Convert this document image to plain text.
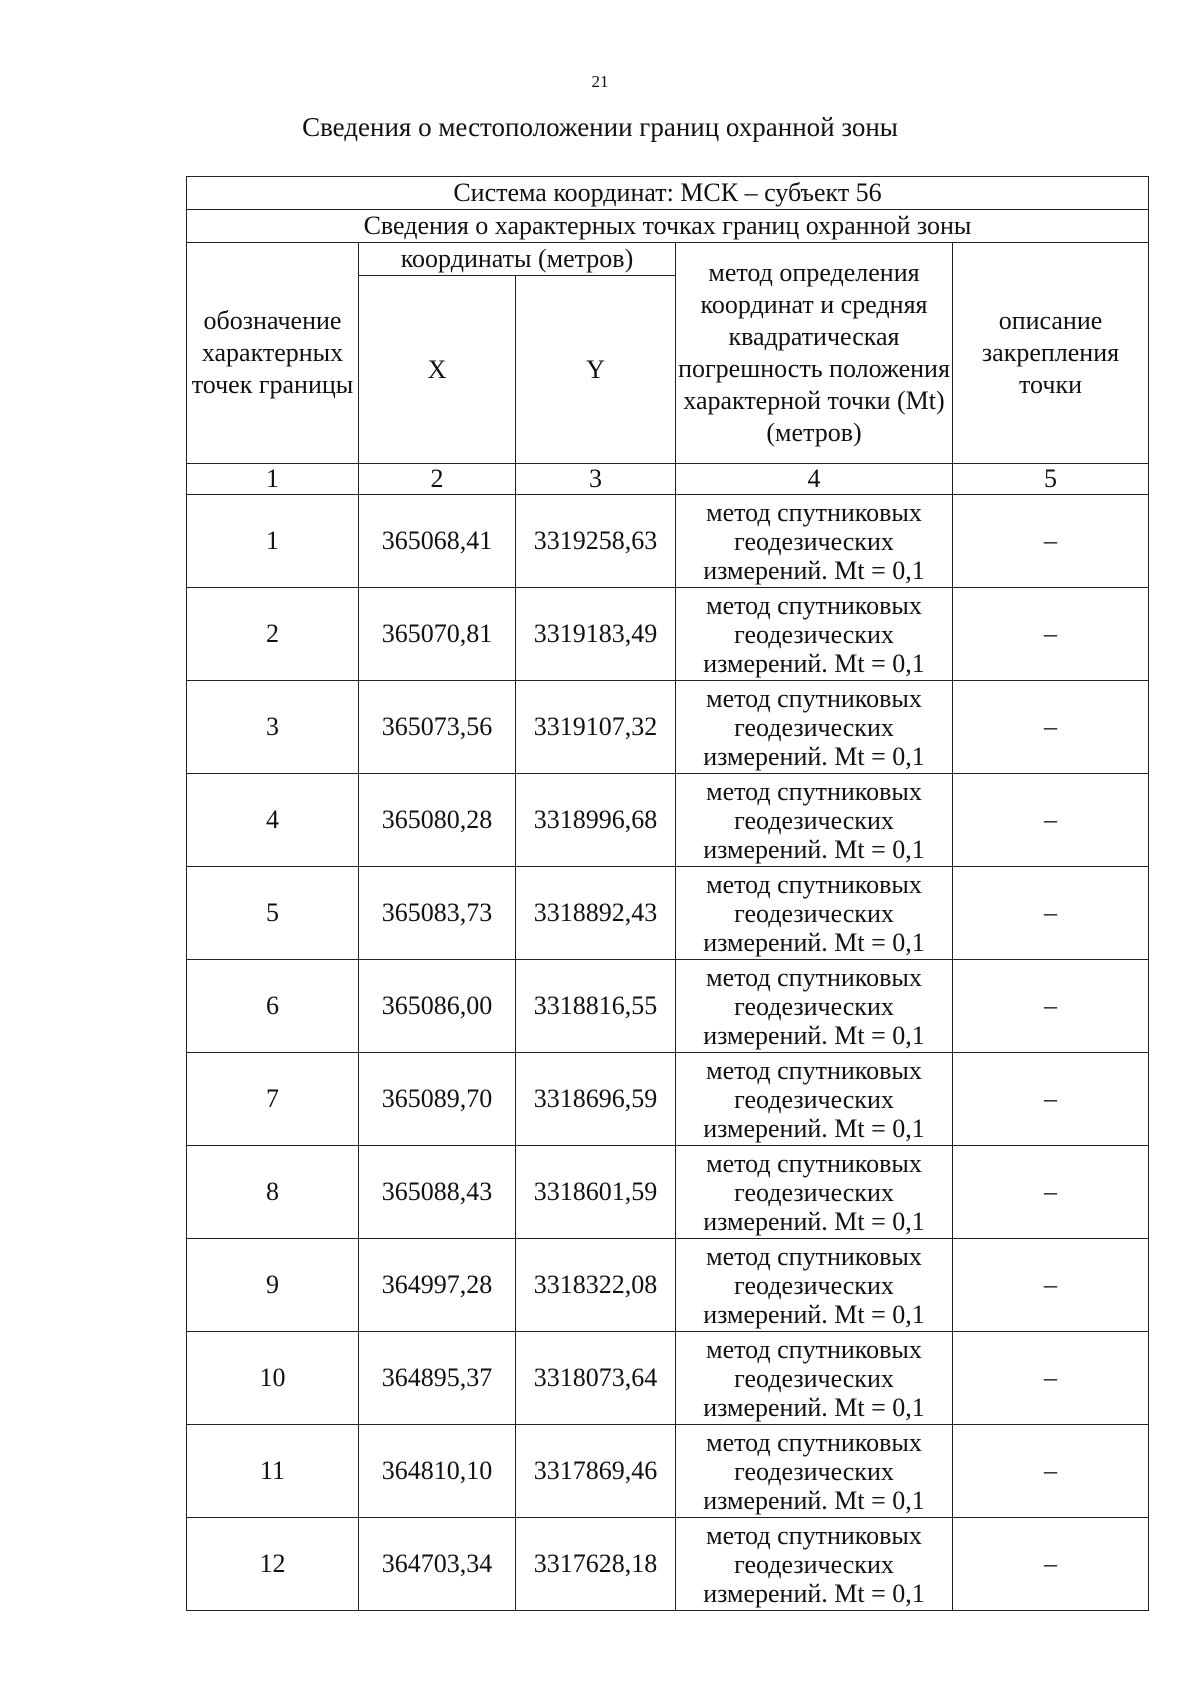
21
Сведения о местоположении границ охранной зоны
Система координат: МСК – субъект 56				
Сведения о характерных точках границ охранной зоны				
обозначение характерных точек границы	координаты (метров)		метод определения координат и средняя квадратическая погрешность положения характерной точки (Mt) (метров)	описание закрепления точки
	X	Y		
1	2	3	4	5
1	365068,41	3319258,63	метод спутниковых геодезических измерений. Mt = 0,1	–
2	365070,81	3319183,49	метод спутниковых геодезических измерений. Mt = 0,1	–
3	365073,56	3319107,32	метод спутниковых геодезических измерений. Mt = 0,1	–
4	365080,28	3318996,68	метод спутниковых геодезических измерений. Mt = 0,1	–
5	365083,73	3318892,43	метод спутниковых геодезических измерений. Mt = 0,1	–
6	365086,00	3318816,55	метод спутниковых геодезических измерений. Mt = 0,1	–
7	365089,70	3318696,59	метод спутниковых геодезических измерений. Mt = 0,1	–
8	365088,43	3318601,59	метод спутниковых геодезических измерений. Mt = 0,1	–
9	364997,28	3318322,08	метод спутниковых геодезических измерений. Mt = 0,1	–
10	364895,37	3318073,64	метод спутниковых геодезических измерений. Mt = 0,1	–
11	364810,10	3317869,46	метод спутниковых геодезических измерений. Mt = 0,1	–
12	364703,34	3317628,18	метод спутниковых геодезических измерений. Mt = 0,1	–
